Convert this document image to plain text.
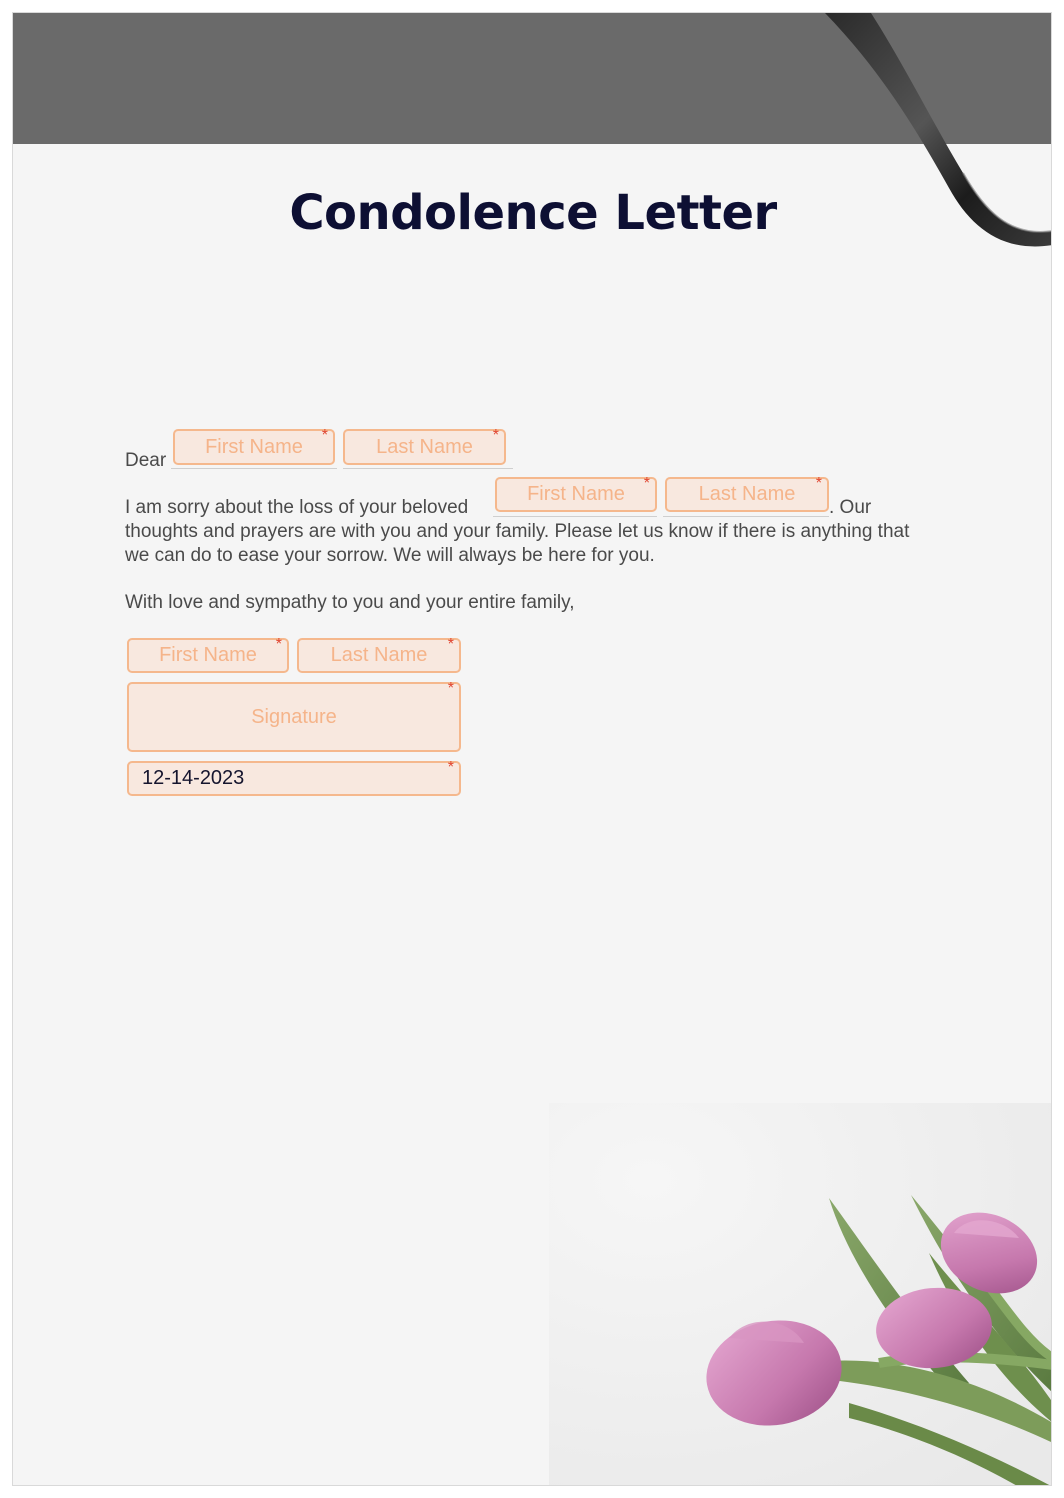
Condolence Letter
Dear
First Name * Last Name *
I am sorry about the loss of your beloved
First Name * Last Name *
. Our
thoughts and prayers are with you and your family. Please let us know if there is anything that
we can do to ease your sorrow. We will always be here for you.
With love and sympathy to you and your entire family,
First Name * Last Name *
Signature
*
12-14-2023	*
